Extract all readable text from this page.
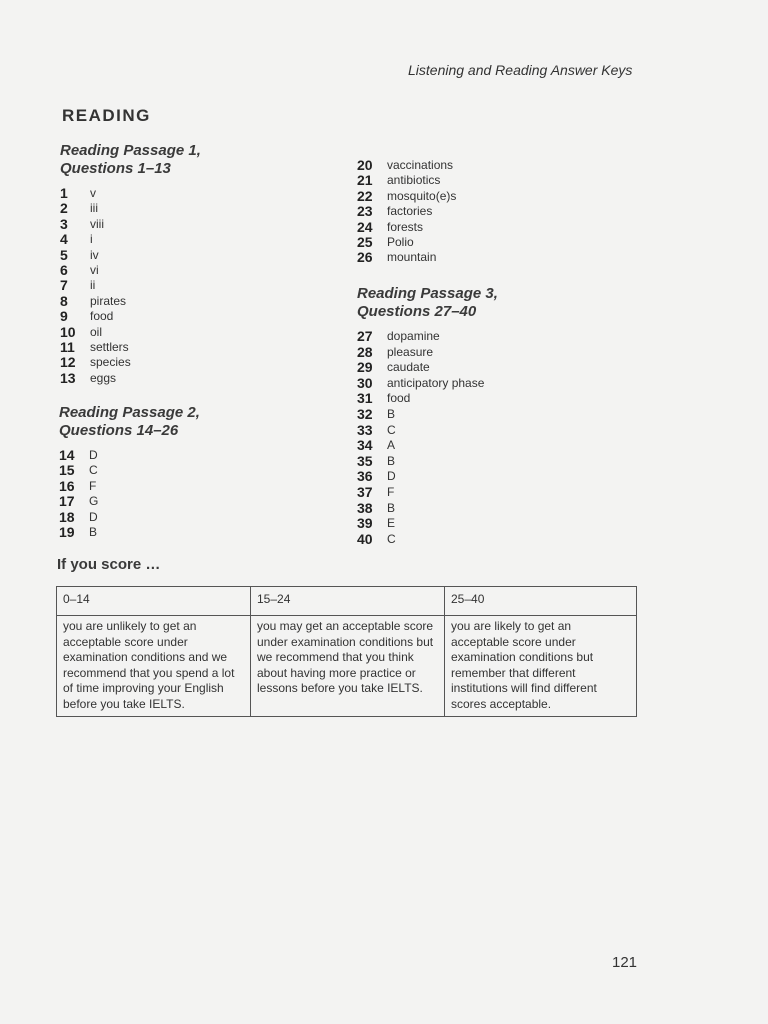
Listening and Reading Answer Keys
READING
Reading Passage 1,
Questions 1–13
1	v
2	iii
3	viii
4	i
5	iv
6	vi
7	ii
8	pirates
9	food
10	oil
11	settlers
12	species
13	eggs
Reading Passage 2,
Questions 14–26
14	D
15	C
16	F
17	G
18	D
19	B
20	vaccinations
21	antibiotics
22	mosquito(e)s
23	factories
24	forests
25	Polio
26	mountain
Reading Passage 3,
Questions 27–40
27	dopamine
28	pleasure
29	caudate
30	anticipatory phase
31	food
32	B
33	C
34	A
35	B
36	D
37	F
38	B
39	E
40	C
If you score …
0–14	15–24	25–40
you are unlikely to get an acceptable score under examination conditions and we recommend that you spend a lot of time improving your English before you take IELTS.	you may get an acceptable score under examination conditions but we recommend that you think about having more practice or lessons before you take IELTS.	you are likely to get an acceptable score under examination conditions but remember that different institutions will find different scores acceptable.
121
